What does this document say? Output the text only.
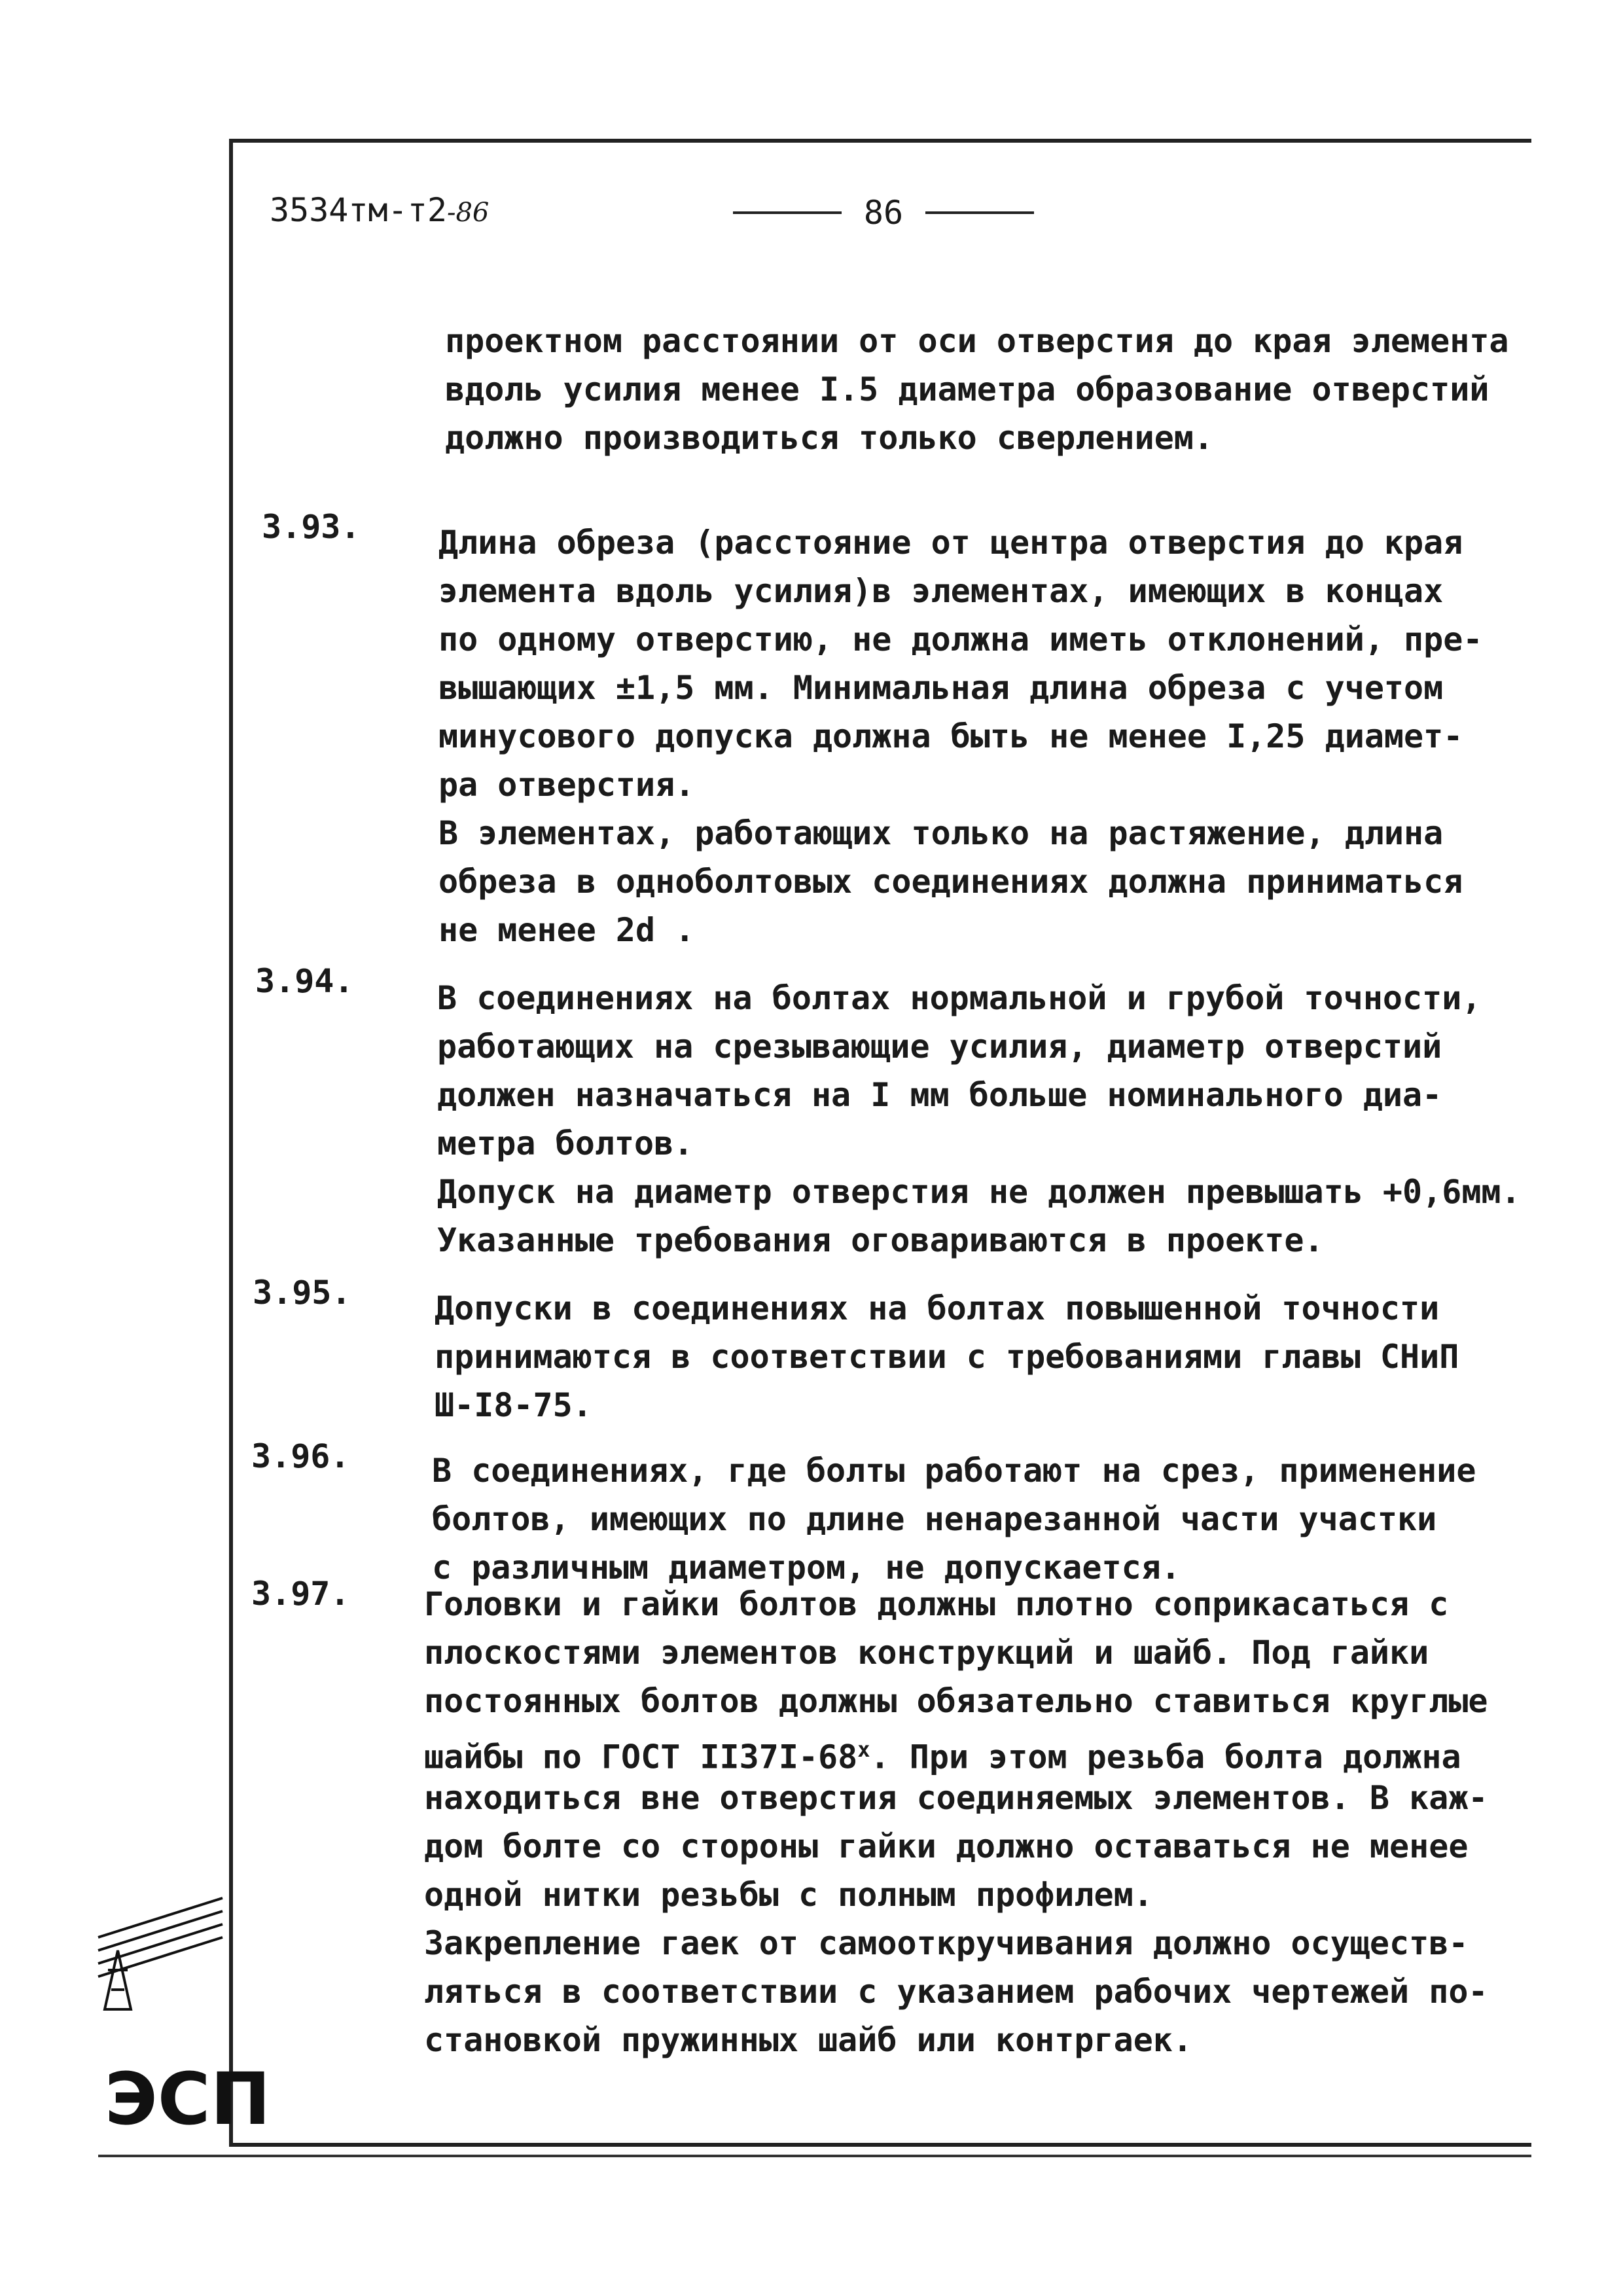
3534тм-т2-86	86
проектном расстоянии от оси отверстия до края элемента
вдоль усилия менее I.5 диаметра образование отверстий
должно производиться только сверлением.
3.93. Длина обреза (расстояние от центра отверстия до края
элемента вдоль усилия)в элементах, имеющих в концах
по одному отверстию, не должна иметь отклонений, пре-
вышающих ±1,5 мм. Минимальная длина обреза с учетом
минусового допуска должна быть не менее I,25 диамет-
ра отверстия.
В элементах, работающих только на растяжение, длина
обреза в однoболтовых соединениях должна приниматься
не менее 2d .
3.94.	В соединениях на болтах нормальной и грубой точности,
работающих на срезывающие усилия, диаметр отверстий
должен назначаться на I мм больше номинального диа-
метра болтов.
Допуск на диаметр отверстия не должен превышать +0,6мм.
Указанные требования оговариваются в проекте.
3.95.	Допуски в соединениях на болтах повышенной точности
принимаются в соответствии с требованиями главы СНиП
Ш-I8-75.
3.96.	В соединениях, где болты работают на срез, применение
болтов, имеющих по длине ненарезанной части участки
с различным диаметром, не допускается.
3.97. Головки и гайки болтов должны плотно соприкасаться с
плоскостями элементов конструкций и шайб. Под гайки
постоянных болтов должны обязательно ставиться круглые
шайбы по ГОСТ $II37I-68^х$. При этом резьба болта должна
находиться вне отверстия соединяемых элементов. В каж-
дом болте со стороны гайки должно оставаться не менее
одной нитки резьбы с полным профилем.
Закрепление гаек от самооткручивания должно осуществ-
ляться в соответствии с указанием рабочих чертежей по-
становкой пружинных шайб или контргаек.
ЭСП
